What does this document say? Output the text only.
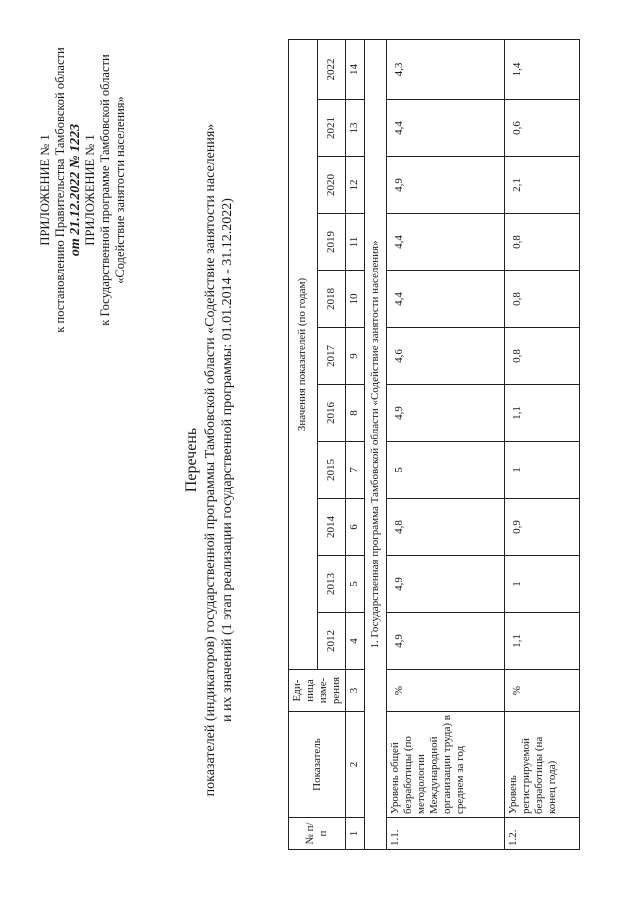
ПРИЛОЖЕНИЕ № 1 к постановлению Правительства Тамбовской области от 21.12.2022 № 1223 ПРИЛОЖЕНИЕ № 1 к Государственной программе Тамбовской области «Содействие занятости населения»
Перечень показателей (индикаторов) государственной программы Тамбовской области «Содействие занятости населения» и их значений (1 этап реализации государственной программы: 01.01.2014 - 31.12.2022)
№ п/п	Показатель	Еди-ница изме-рения	Значения показателей (по годам)										
			2012	2013	2014	2015	2016	2017	2018	2019	2020	2021	2022
1	2	3	4	5	6	7	8	9	10	11	12	13	14
1. Государственная программа Тамбовской области «Содействие занятости населения»													
1.1.	Уровень общей безработицы (по методологии Международной организации труда) в среднем за год	%	4,9	4,9	4,8	5	4,9	4,6	4,4	4,4	4,9	4,4	4,3
1.2.	Уровень регистрируемой безработицы (на конец года)	%	1,1	1	0,9	1	1,1	0,8	0,8	0,8	2,1	0,6	1,4
